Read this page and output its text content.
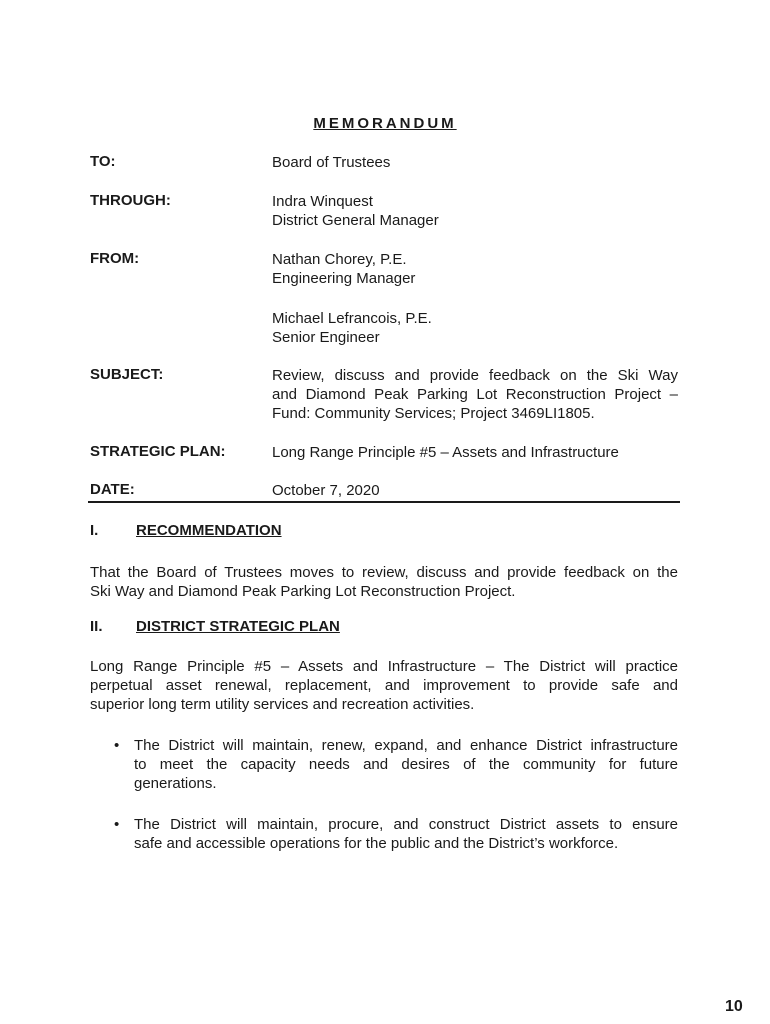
MEMORANDUM
TO:	Board of Trustees
THROUGH:	Indra Winquest
District General Manager
FROM:	Nathan Chorey, P.E.
Engineering Manager
Michael Lefrancois, P.E.
Senior Engineer
SUBJECT:	Review, discuss and provide feedback on the Ski Way
and Diamond Peak Parking Lot Reconstruction Project –
Fund: Community Services; Project 3469LI1805.
STRATEGIC PLAN:	Long Range Principle #5 – Assets and Infrastructure
DATE:	October 7, 2020
I.	RECOMMENDATION
That the Board of Trustees moves to review, discuss and provide feedback on the
Ski Way and Diamond Peak Parking Lot Reconstruction Project.
II. DISTRICT STRATEGIC PLAN
Long Range Principle #5 – Assets and Infrastructure – The District will practice
perpetual asset renewal, replacement, and improvement to provide safe and
superior long term utility services and recreation activities.
• The District will maintain, renew, expand, and enhance District infrastructure
to meet the capacity needs and desires of the community for future
generations.
• The District will maintain, procure, and construct District assets to ensure
safe and accessible operations for the public and the District’s workforce.
10
